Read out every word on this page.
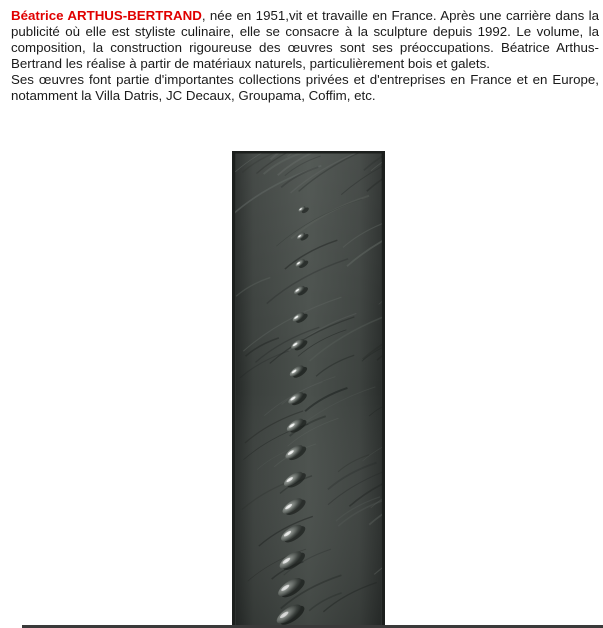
Béatrice ARTHUS-BERTRAND, née en 1951,vit et travaille en France. Après une carrière dans la publicité où elle est styliste culinaire, elle se consacre à la sculpture depuis 1992. Le volume, la composition, la construction rigoureuse des œuvres sont ses préoccupations. Béatrice Arthus-Bertrand les réalise à partir de matériaux naturels, particulièrement bois et galets.

Ses œuvres font partie d'importantes collections privées et d'entreprises en France et en Europe, notamment la Villa Datris, JC Decaux, Groupama, Coffim, etc.
